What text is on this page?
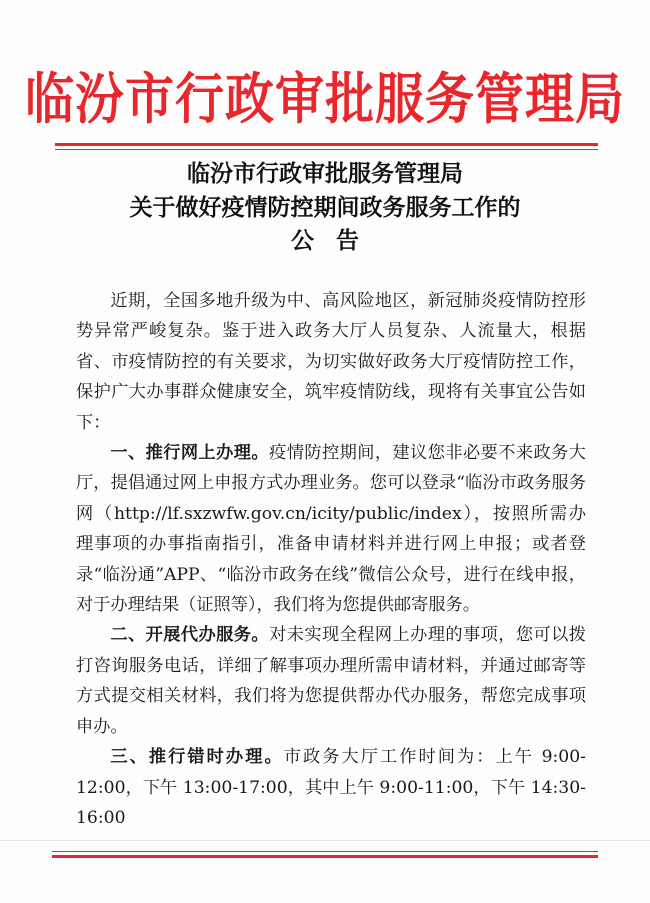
临汾市行政审批服务管理局
临汾市行政审批服务管理局
关于做好疫情防控期间政务服务工作的
公告

近期，全国多地升级为中、高风险地区，新冠肺炎疫情防控形势异常严峻复杂。鉴于进入政务大厅人员复杂、人流量大，根据省、市疫情防控的有关要求，为切实做好政务大厅疫情防控工作，保护广大办事群众健康安全，筑牢疫情防线，现将有关事宜公告如下：

一、推行网上办理。疫情防控期间，建议您非必要不来政务大厅，提倡通过网上申报方式办理业务。您可以登录“临汾市政务服务网（http://lf.sxzwfw.gov.cn/icity/public/index），按照所需办理事项的办事指南指引，准备申请材料并进行网上申报；或者登录“临汾通”APP、“临汾市政务在线”微信公众号，进行在线申报，对于办理结果（证照等），我们将为您提供邮寄服务。

二、开展代办服务。对未实现全程网上办理的事项，您可以拨打咨询服务电话，详细了解事项办理所需申请材料，并通过邮寄等方式提交相关材料，我们将为您提供帮办代办服务，帮您完成事项申办。

三、推行错时办理。市政务大厅工作时间为：上午 9:00-12:00，下午 13:00-17:00，其中上午 9:00-11:00，下午 14:30-16:00
